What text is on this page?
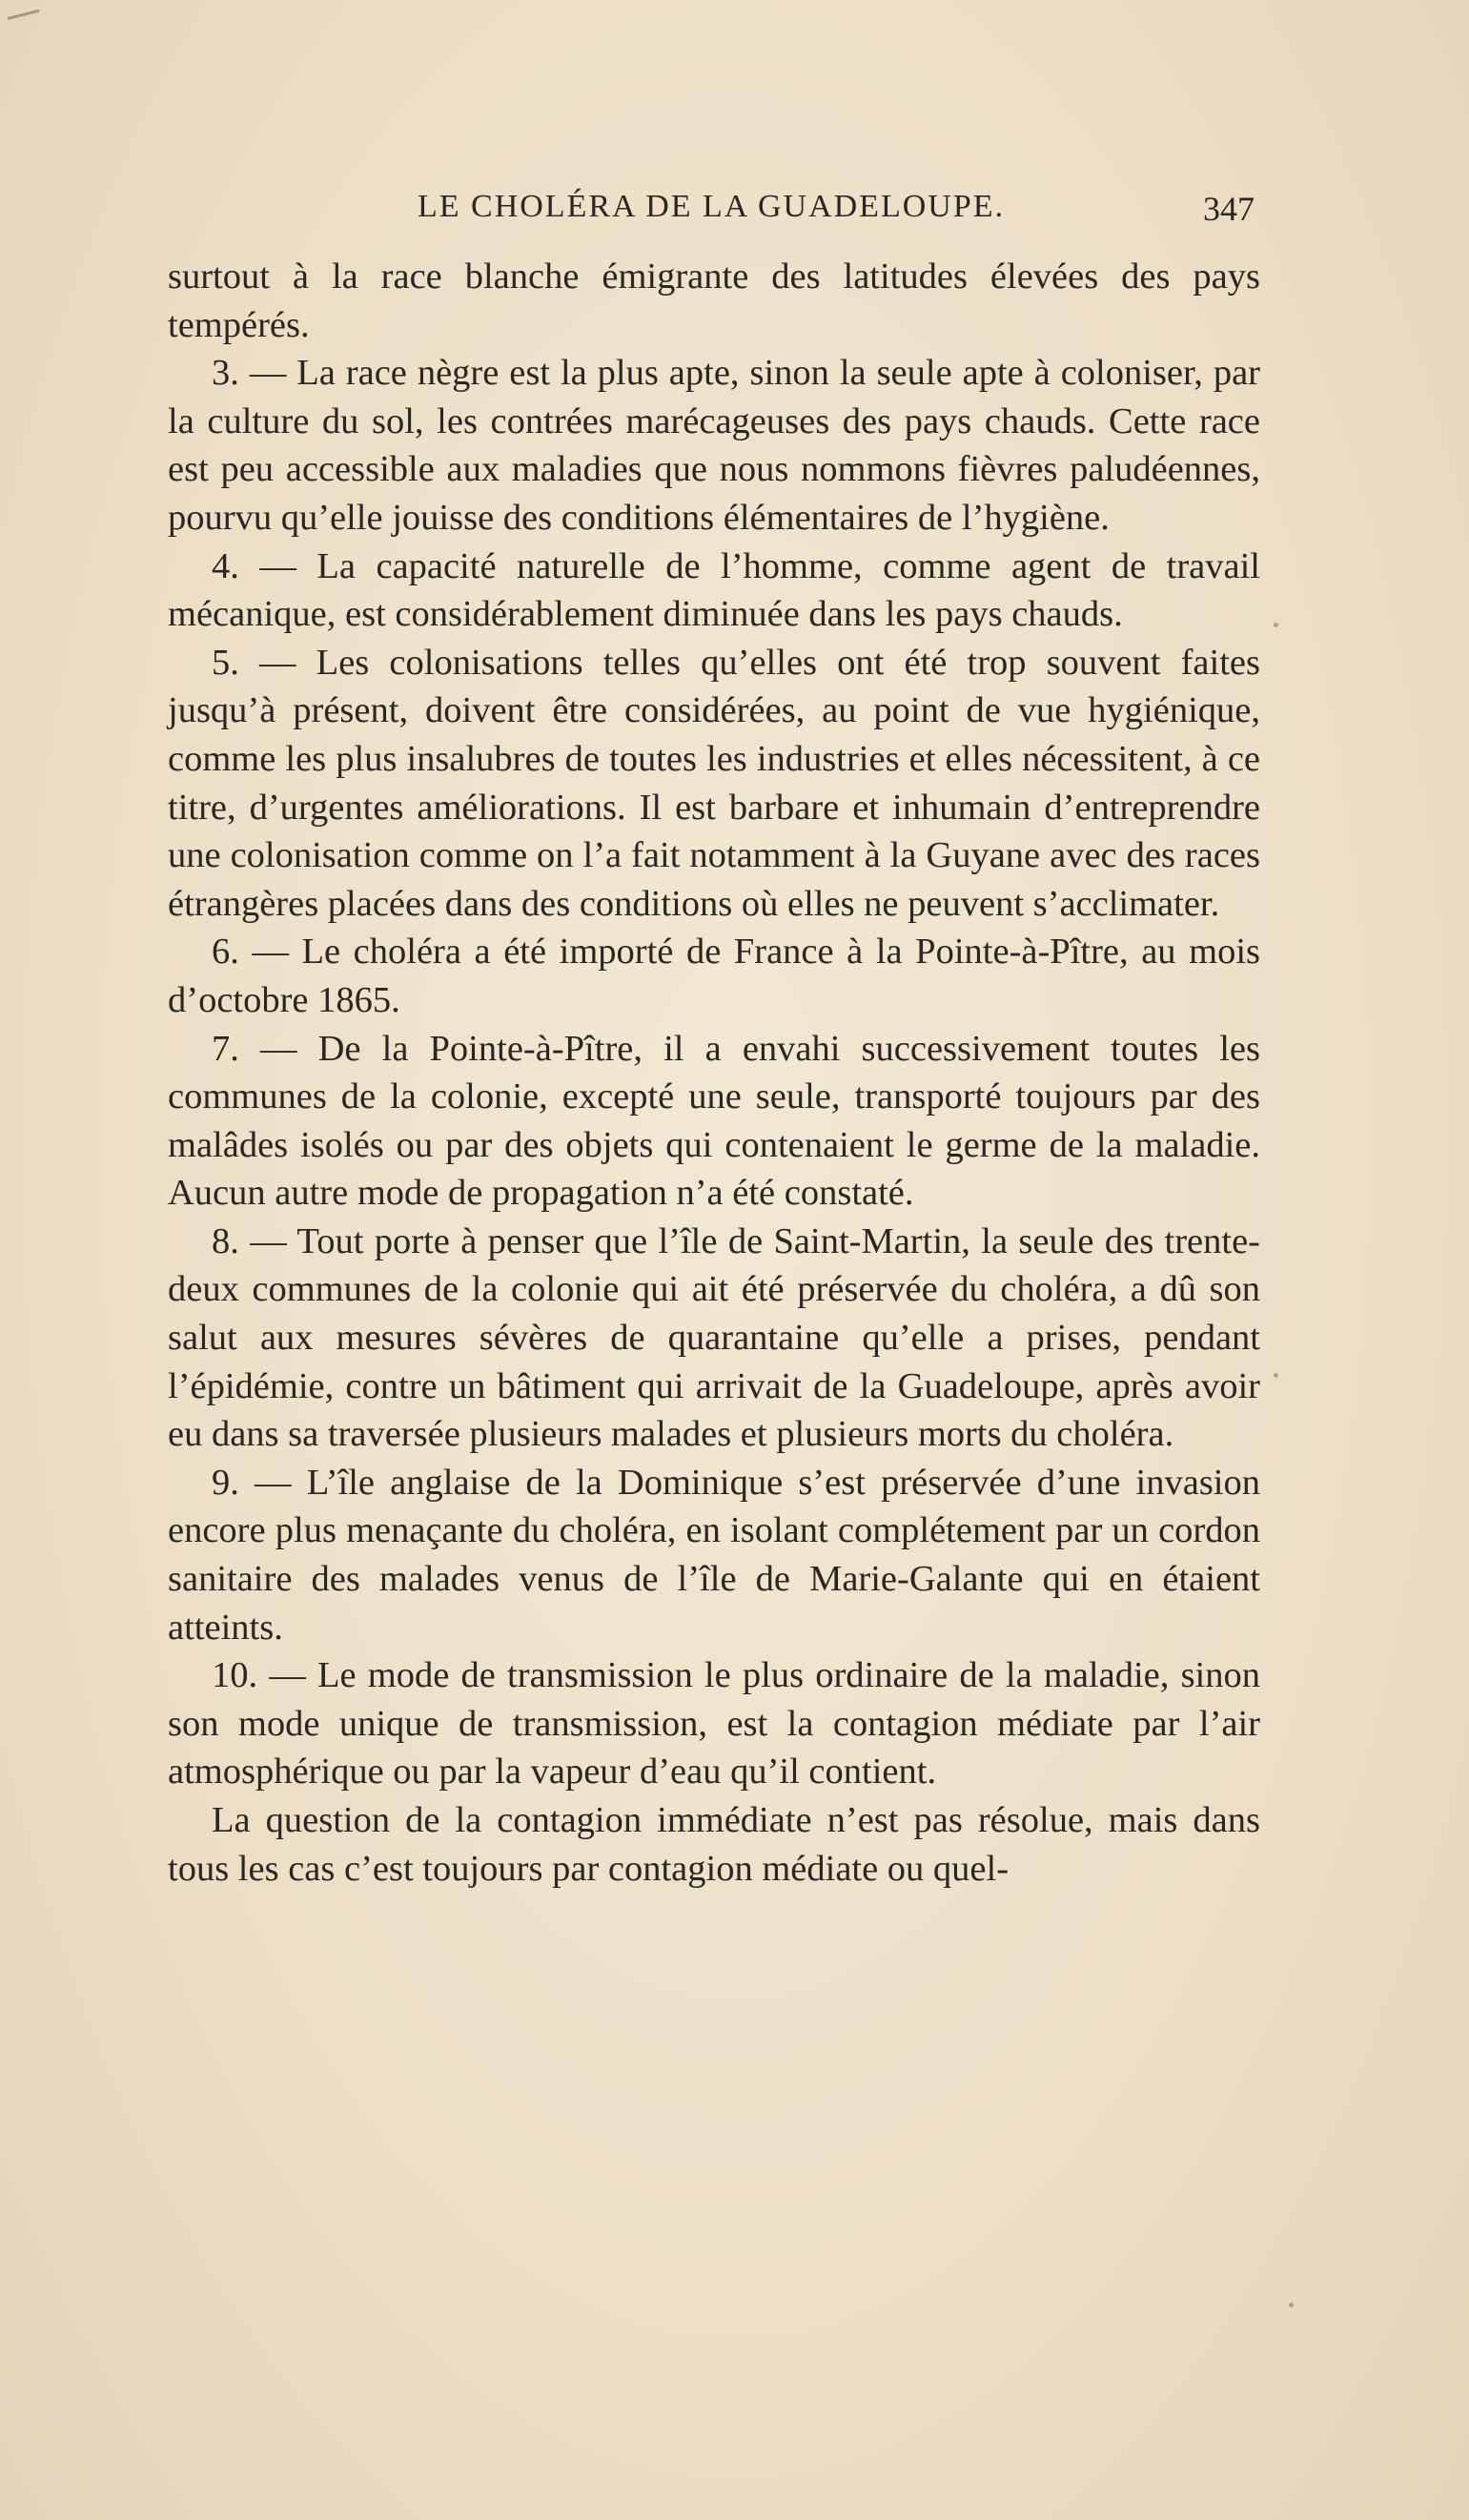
LE CHOLÉRA DE LA GUADELOUPE.	347

surtout à la race blanche émigrante des latitudes élevées des pays tempérés.

3. — La race nègre est la plus apte, sinon la seule apte à coloniser, par la culture du sol, les contrées marécageuses des pays chauds. Cette race est peu accessible aux maladies que nous nommons fièvres paludéennes, pourvu qu’elle jouisse des conditions élémentaires de l’hygiène.

4. — La capacité naturelle de l’homme, comme agent de travail mécanique, est considérablement diminuée dans les pays chauds.

5. — Les colonisations telles qu’elles ont été trop souvent faites jusqu’à présent, doivent être considérées, au point de vue hygiénique, comme les plus insalubres de toutes les industries et elles nécessitent, à ce titre, d’urgentes améliorations. Il est barbare et inhumain d’entreprendre une colonisation comme on l’a fait notamment à la Guyane avec des races étrangères placées dans des conditions où elles ne peuvent s’acclimater.

6. — Le choléra a été importé de France à la Pointe-à-Pître, au mois d’octobre 1865.

7. — De la Pointe-à-Pître, il a envahi successivement toutes les communes de la colonie, excepté une seule, transporté toujours par des malâdes isolés ou par des objets qui contenaient le germe de la maladie. Aucun autre mode de propagation n’a été constaté.

8. — Tout porte à penser que l’île de Saint-Martin, la seule des trente-deux communes de la colonie qui ait été préservée du choléra, a dû son salut aux mesures sévères de quarantaine qu’elle a prises, pendant l’épidémie, contre un bâtiment qui arrivait de la Guadeloupe, après avoir eu dans sa traversée plusieurs malades et plusieurs morts du choléra.

9. — L’île anglaise de la Dominique s’est préservée d’une invasion encore plus menaçante du choléra, en isolant complétement par un cordon sanitaire des malades venus de l’île de Marie-Galante qui en étaient atteints.

10. — Le mode de transmission le plus ordinaire de la maladie, sinon son mode unique de transmission, est la contagion médiate par l’air atmosphérique ou par la vapeur d’eau qu’il contient.

La question de la contagion immédiate n’est pas résolue, mais dans tous les cas c’est toujours par contagion médiate ou quel-
